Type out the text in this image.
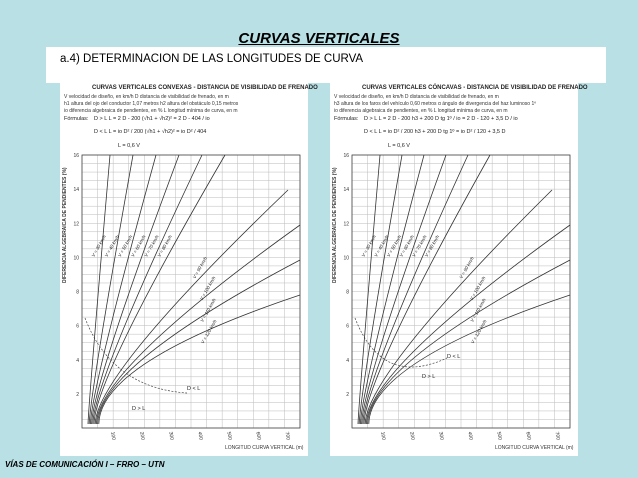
CURVAS VERTICALES
a.4) DETERMINACION DE LAS LONGITUDES DE CURVA
CURVAS VERTICALES CONVEXAS - DISTANCIA DE VISIBILIDAD DE FRENADO
V velocidad de diseño, en km/h D distancia de visibilidad de frenado, en m
h1 altura del ojo del conductor 1,07 metros h2 altura del obstáculo 0,15 metros
io diferencia algebraica de pendientes, en % L longitud mínima de curva, en m
Fórmulas: D > L L = 2 D - 200 (√h1 + √h2)² = 2 D - 404 / io
D < L L = io D² / 200 (√h1 + √h2)² = io D² / 404
L = 0,6 V
2
4
6
8
10
12
14
16
100	200	300	400	500	600	700
V = 30 km/h
V = 40 km/h
V = 50 km/h
V = 60 km/h
V = 70 km/h
V = 80 km/h
V = 90 km/h
V = 100 km/h
V = 110 km/h
V = 120 km/h
D < L
D > L
DIFERENCIA ALGEBRAICA DE PENDIENTES (%)
LONGITUD CURVA VERTICAL (m)
CURVAS VERTICALES CÓNCAVAS - DISTANCIA DE VISIBILIDAD DE FRENADO
V velocidad de diseño, en km/h D distancia de visibilidad de frenado, en m
h3 altura de los faros del vehículo 0,60 metros α ángulo de divergencia del haz luminoso 1º
io diferencia algebraica de pendientes, en % L longitud mínima de curva, en m
Fórmulas: D > L L = 2 D - 200 h3 + 200 D tg 1º / io = 2 D - 120 + 3,5 D / io
D < L L = io D² / 200 h3 + 200 D tg 1º = io D² / 120 + 3,5 D
L = 0,6 V
2
4
6
8
10
12
14
16
100	200	300	400	500	600	700
V = 30 km/h
V = 40 km/h
V = 50 km/h
V = 60 km/h
V = 70 km/h
V = 80 km/h
V = 90 km/h
V = 100 km/h
V = 110 km/h
V = 120 km/h
D < L
D > L
DIFERENCIA ALGEBRAICA DE PENDIENTES (%)
LONGITUD CURVA VERTICAL (m)
VÍAS DE COMUNICACIÓN I – FRRO – UTN
